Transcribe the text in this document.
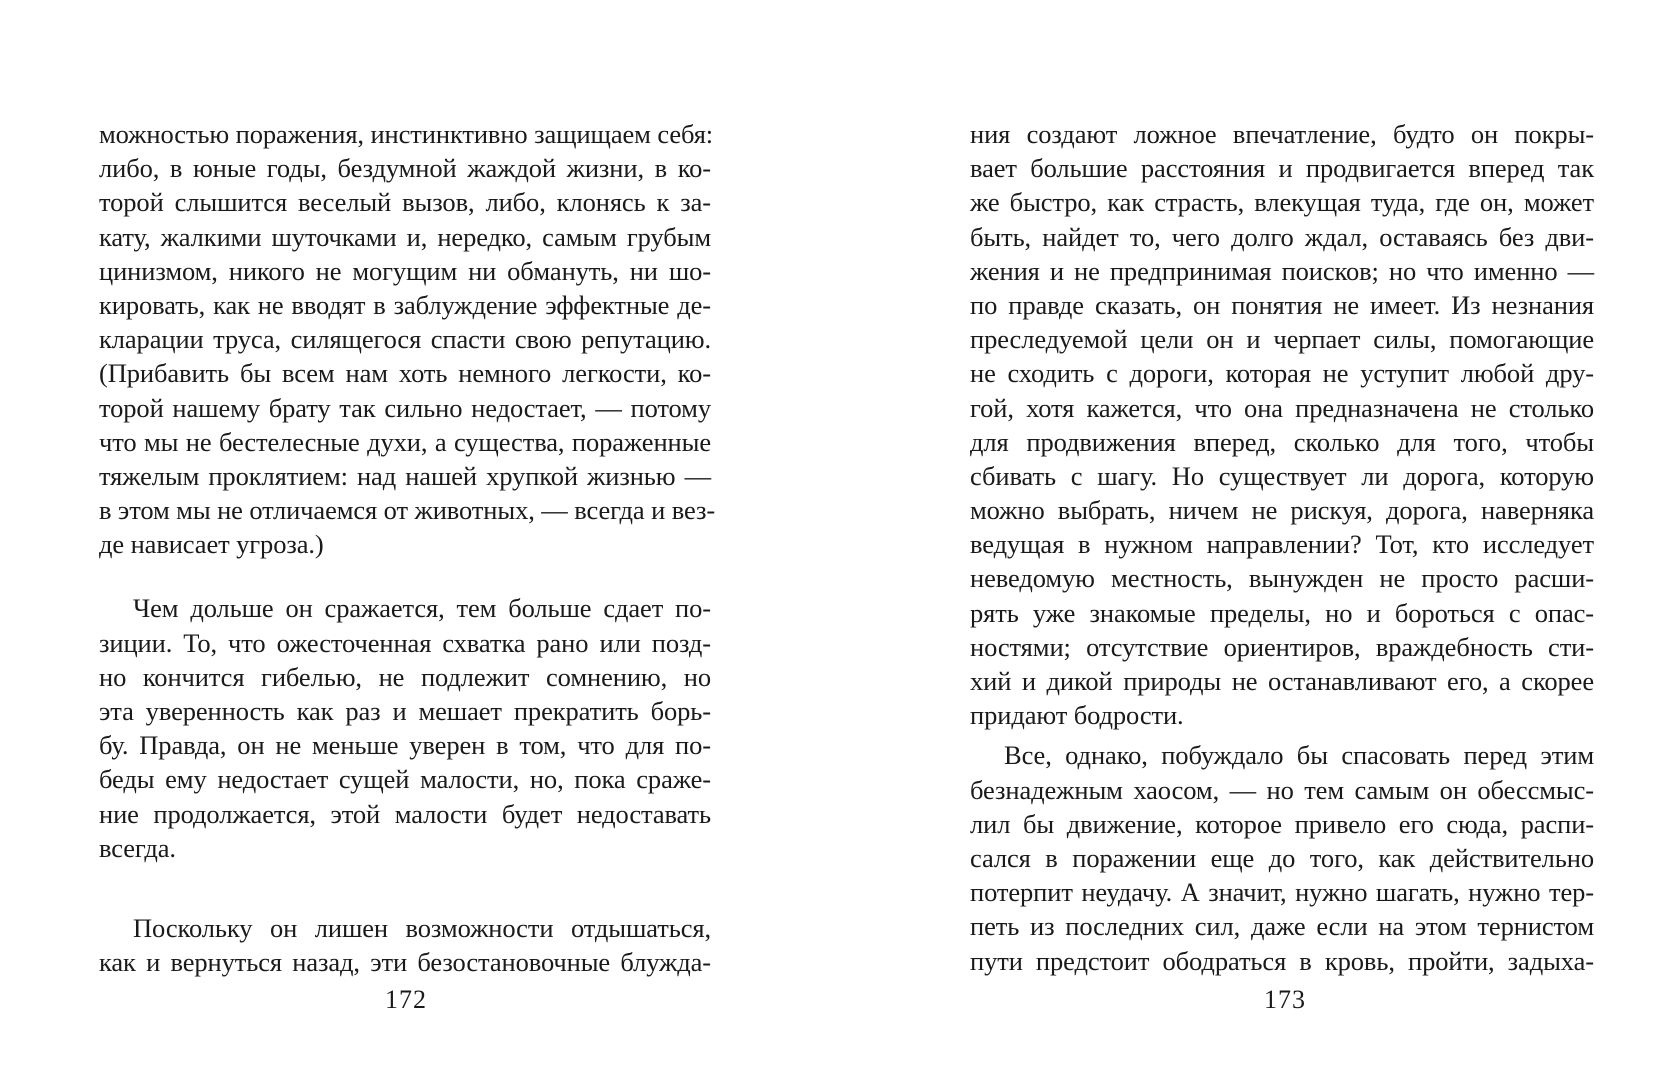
можностью поражения, инстинктивно защищаем себя:
либо, в юные годы, бездумной жаждой жизни, в ко-
торой слышится веселый вызов, либо, клонясь к за-
кату, жалкими шуточками и, нередко, самым грубым
цинизмом, никого не могущим ни обмануть, ни шо-
кировать, как не вводят в заблуждение эффектные де-
кларации труса, силящегося спасти свою репутацию.
(Прибавить бы всем нам хоть немного легкости, ко-
торой нашему брату так сильно недостает, — потому
что мы не бестелесные духи, а существа, пораженные
тяжелым проклятием: над нашей хрупкой жизнью —
в этом мы не отличаемся от животных, — всегда и вез-
де нависает угроза.)
Чем дольше он сражается, тем больше сдает по-
зиции. То, что ожесточенная схватка рано или позд-
но кончится гибелью, не подлежит сомнению, но
эта уверенность как раз и мешает прекратить борь-
бу. Правда, он не меньше уверен в том, что для по-
беды ему недостает сущей малости, но, пока сраже-
ние продолжается, этой малости будет недоставать
всегда.
Поскольку он лишен возможности отдышаться,
как и вернуться назад, эти безостановочные блужда-
172
ния создают ложное впечатление, будто он покры-
вает большие расстояния и продвигается вперед так
же быстро, как страсть, влекущая туда, где он, может
быть, найдет то, чего долго ждал, оставаясь без дви-
жения и не предпринимая поисков; но что именно —
по правде сказать, он понятия не имеет. Из незнания
преследуемой цели он и черпает силы, помогающие
не сходить с дороги, которая не уступит любой дру-
гой, хотя кажется, что она предназначена не столько
для продвижения вперед, сколько для того, чтобы
сбивать с шагу. Но существует ли дорога, которую
можно выбрать, ничем не рискуя, дорога, наверняка
ведущая в нужном направлении? Тот, кто исследует
неведомую местность, вынужден не просто расши-
рять уже знакомые пределы, но и бороться с опас-
ностями; отсутствие ориентиров, враждебность сти-
хий и дикой природы не останавливают его, а скорее
придают бодрости.
Все, однако, побуждало бы спасовать перед этим
безнадежным хаосом, — но тем самым он обессмыс-
лил бы движение, которое привело его сюда, распи-
сался в поражении еще до того, как действительно
потерпит неудачу. А значит, нужно шагать, нужно тер-
петь из последних сил, даже если на этом тернистом
пути предстоит ободраться в кровь, пройти, задыха-
173
